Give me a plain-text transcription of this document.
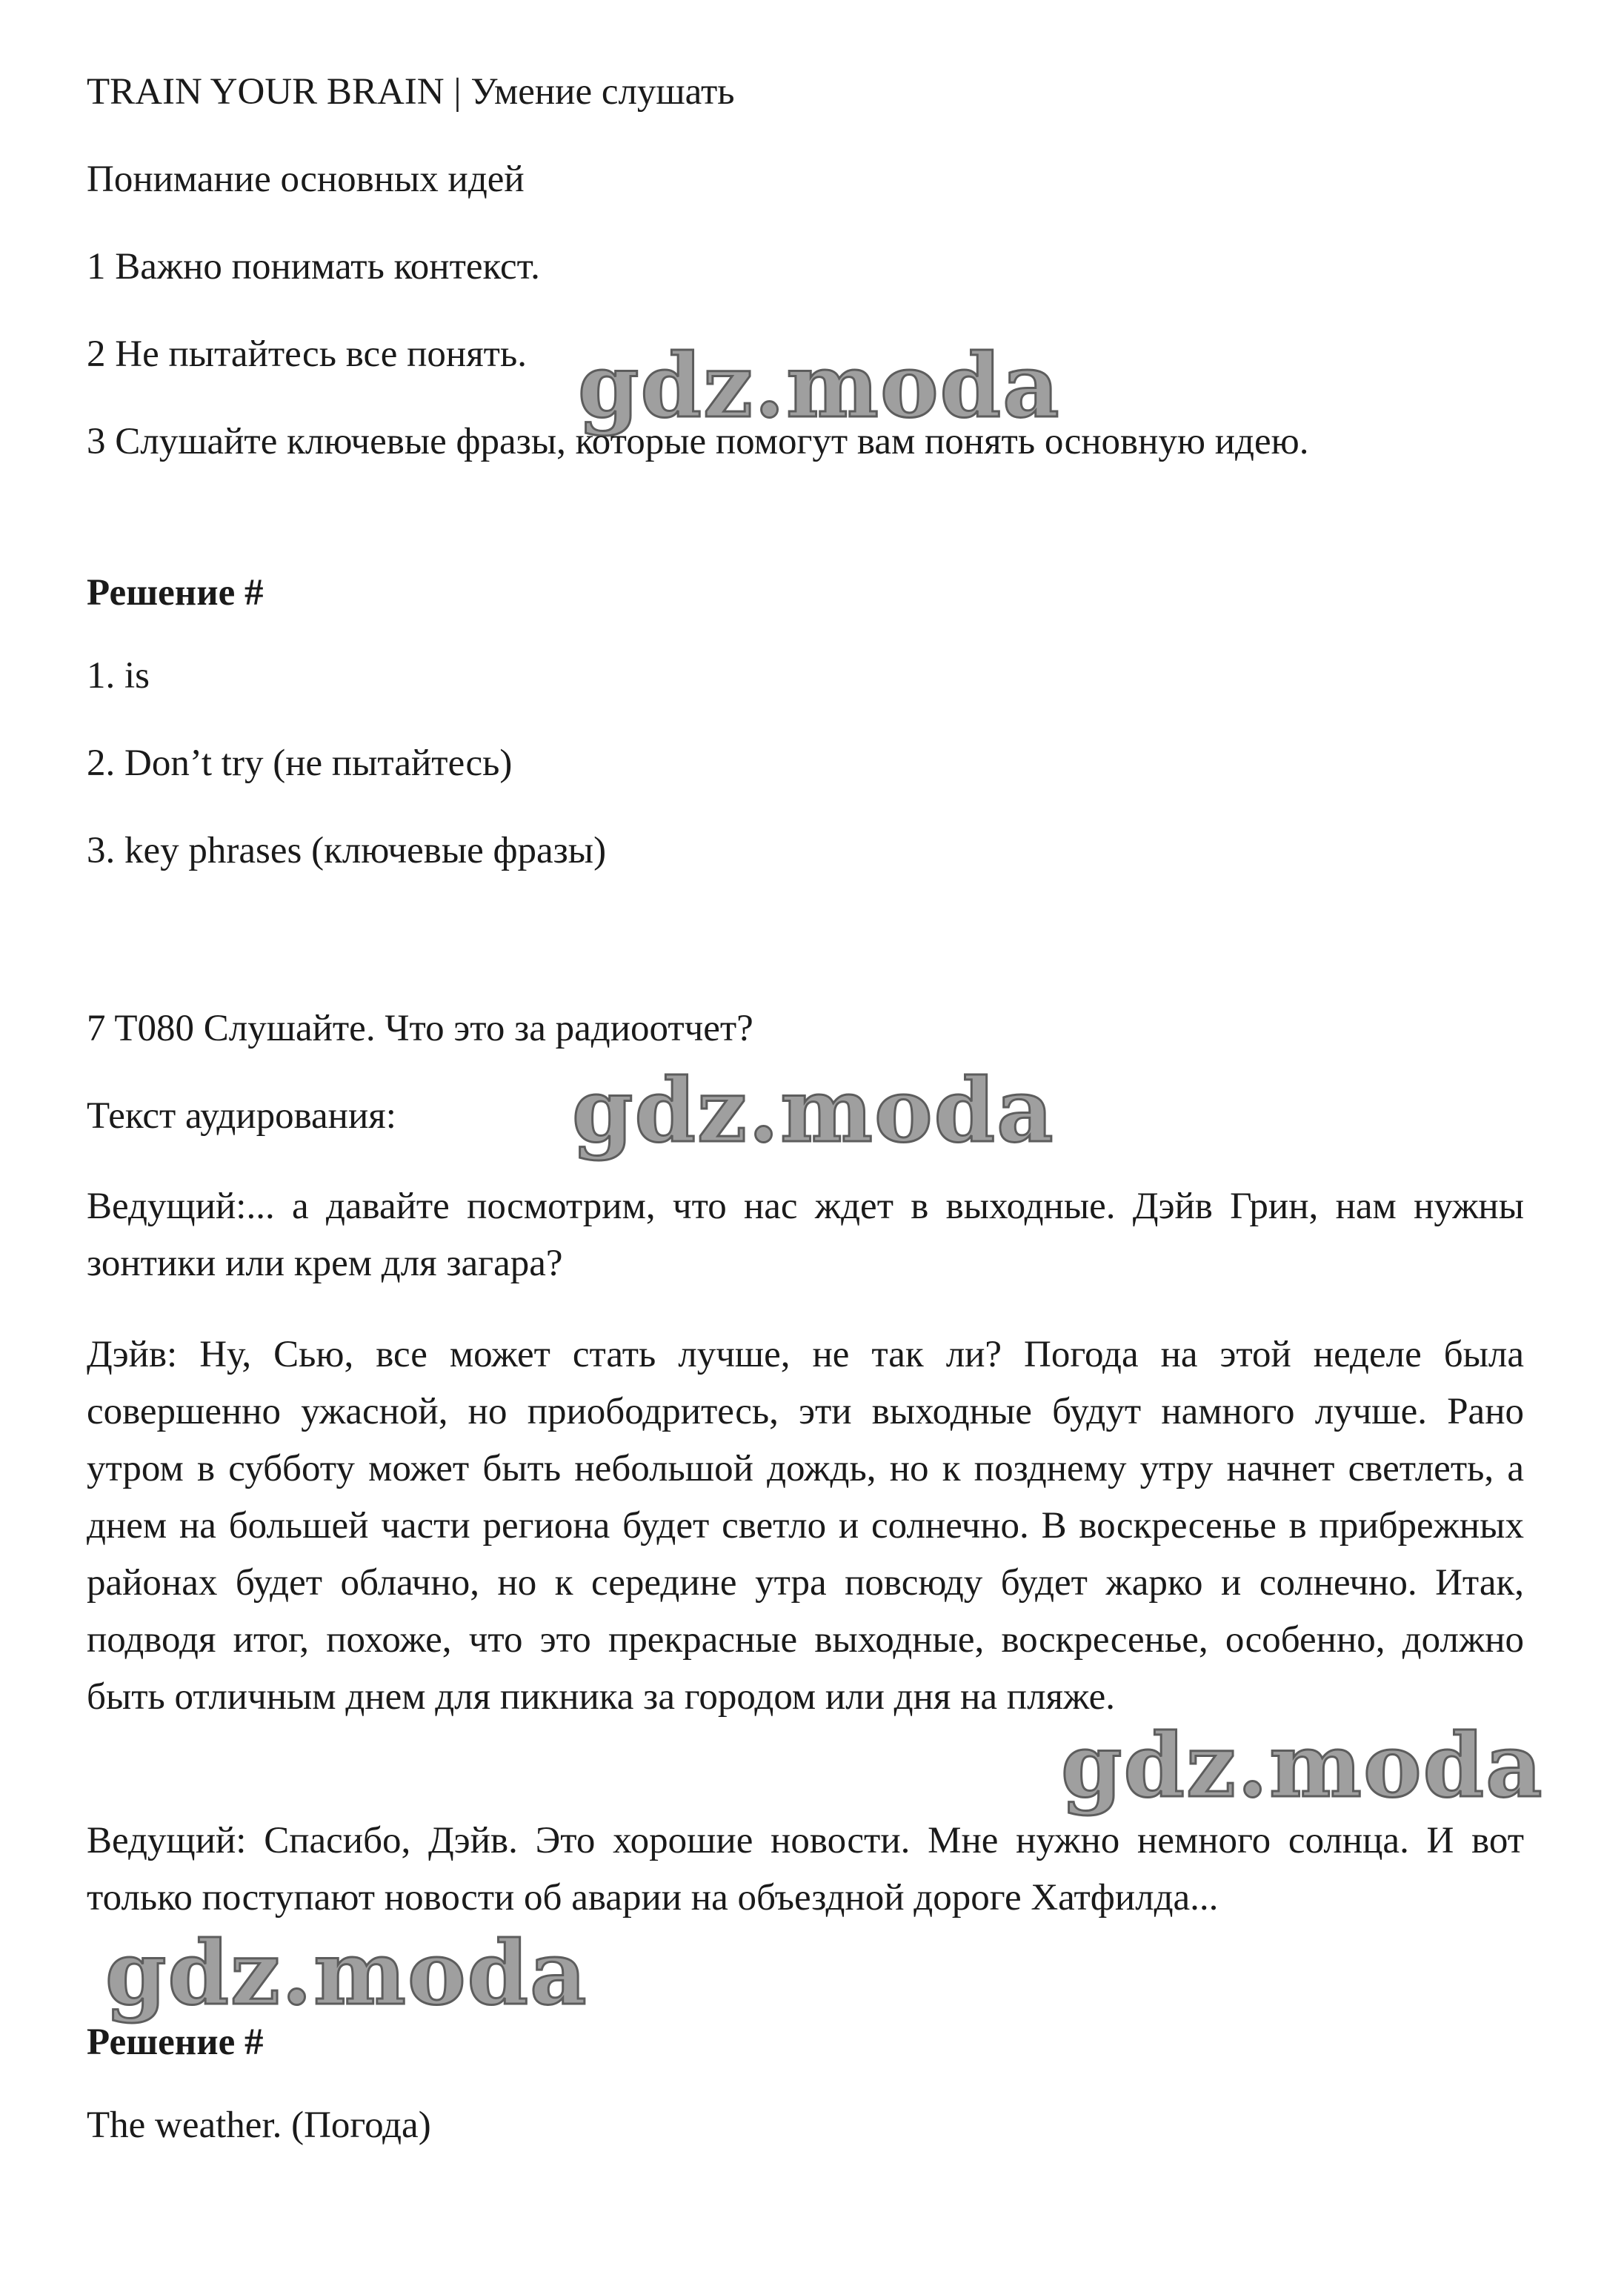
TRAIN YOUR BRAIN | Умение слушать
Понимание основных идей
1 Важно понимать контекст.
2 Не пытайтесь все понять.
3 Слушайте ключевые фразы, которые помогут вам понять основную идею.
Решение #
1. is
2. Don’t try (не пытайтесь)
3. key phrases (ключевые фразы)
7 T080 Слушайте. Что это за радиоотчет?
Текст аудирования:
Ведущий:... а давайте посмотрим, что нас ждет в выходные. Дэйв Грин, нам нужны зонтики или крем для загара?
Дэйв: Ну, Сью, все может стать лучше, не так ли? Погода на этой неделе была совершенно ужасной, но приободритесь, эти выходные будут намного лучше. Рано утром в субботу может быть небольшой дождь, но к позднему утру начнет светлеть, а днем на большей части региона будет светло и солнечно. В воскресенье в прибрежных районах будет облачно, но к середине утра повсюду будет жарко и солнечно. Итак, подводя итог, похоже, что это прекрасные выходные, воскресенье, особенно, должно быть отличным днем для пикника за городом или дня на пляже.
Ведущий: Спасибо, Дэйв. Это хорошие новости. Мне нужно немного солнца. И вот только поступают новости об аварии на объездной дороге Хатфилда...
Решение #
The weather. (Погода)
gdz.moda
gdz.moda
gdz.moda
gdz.moda
